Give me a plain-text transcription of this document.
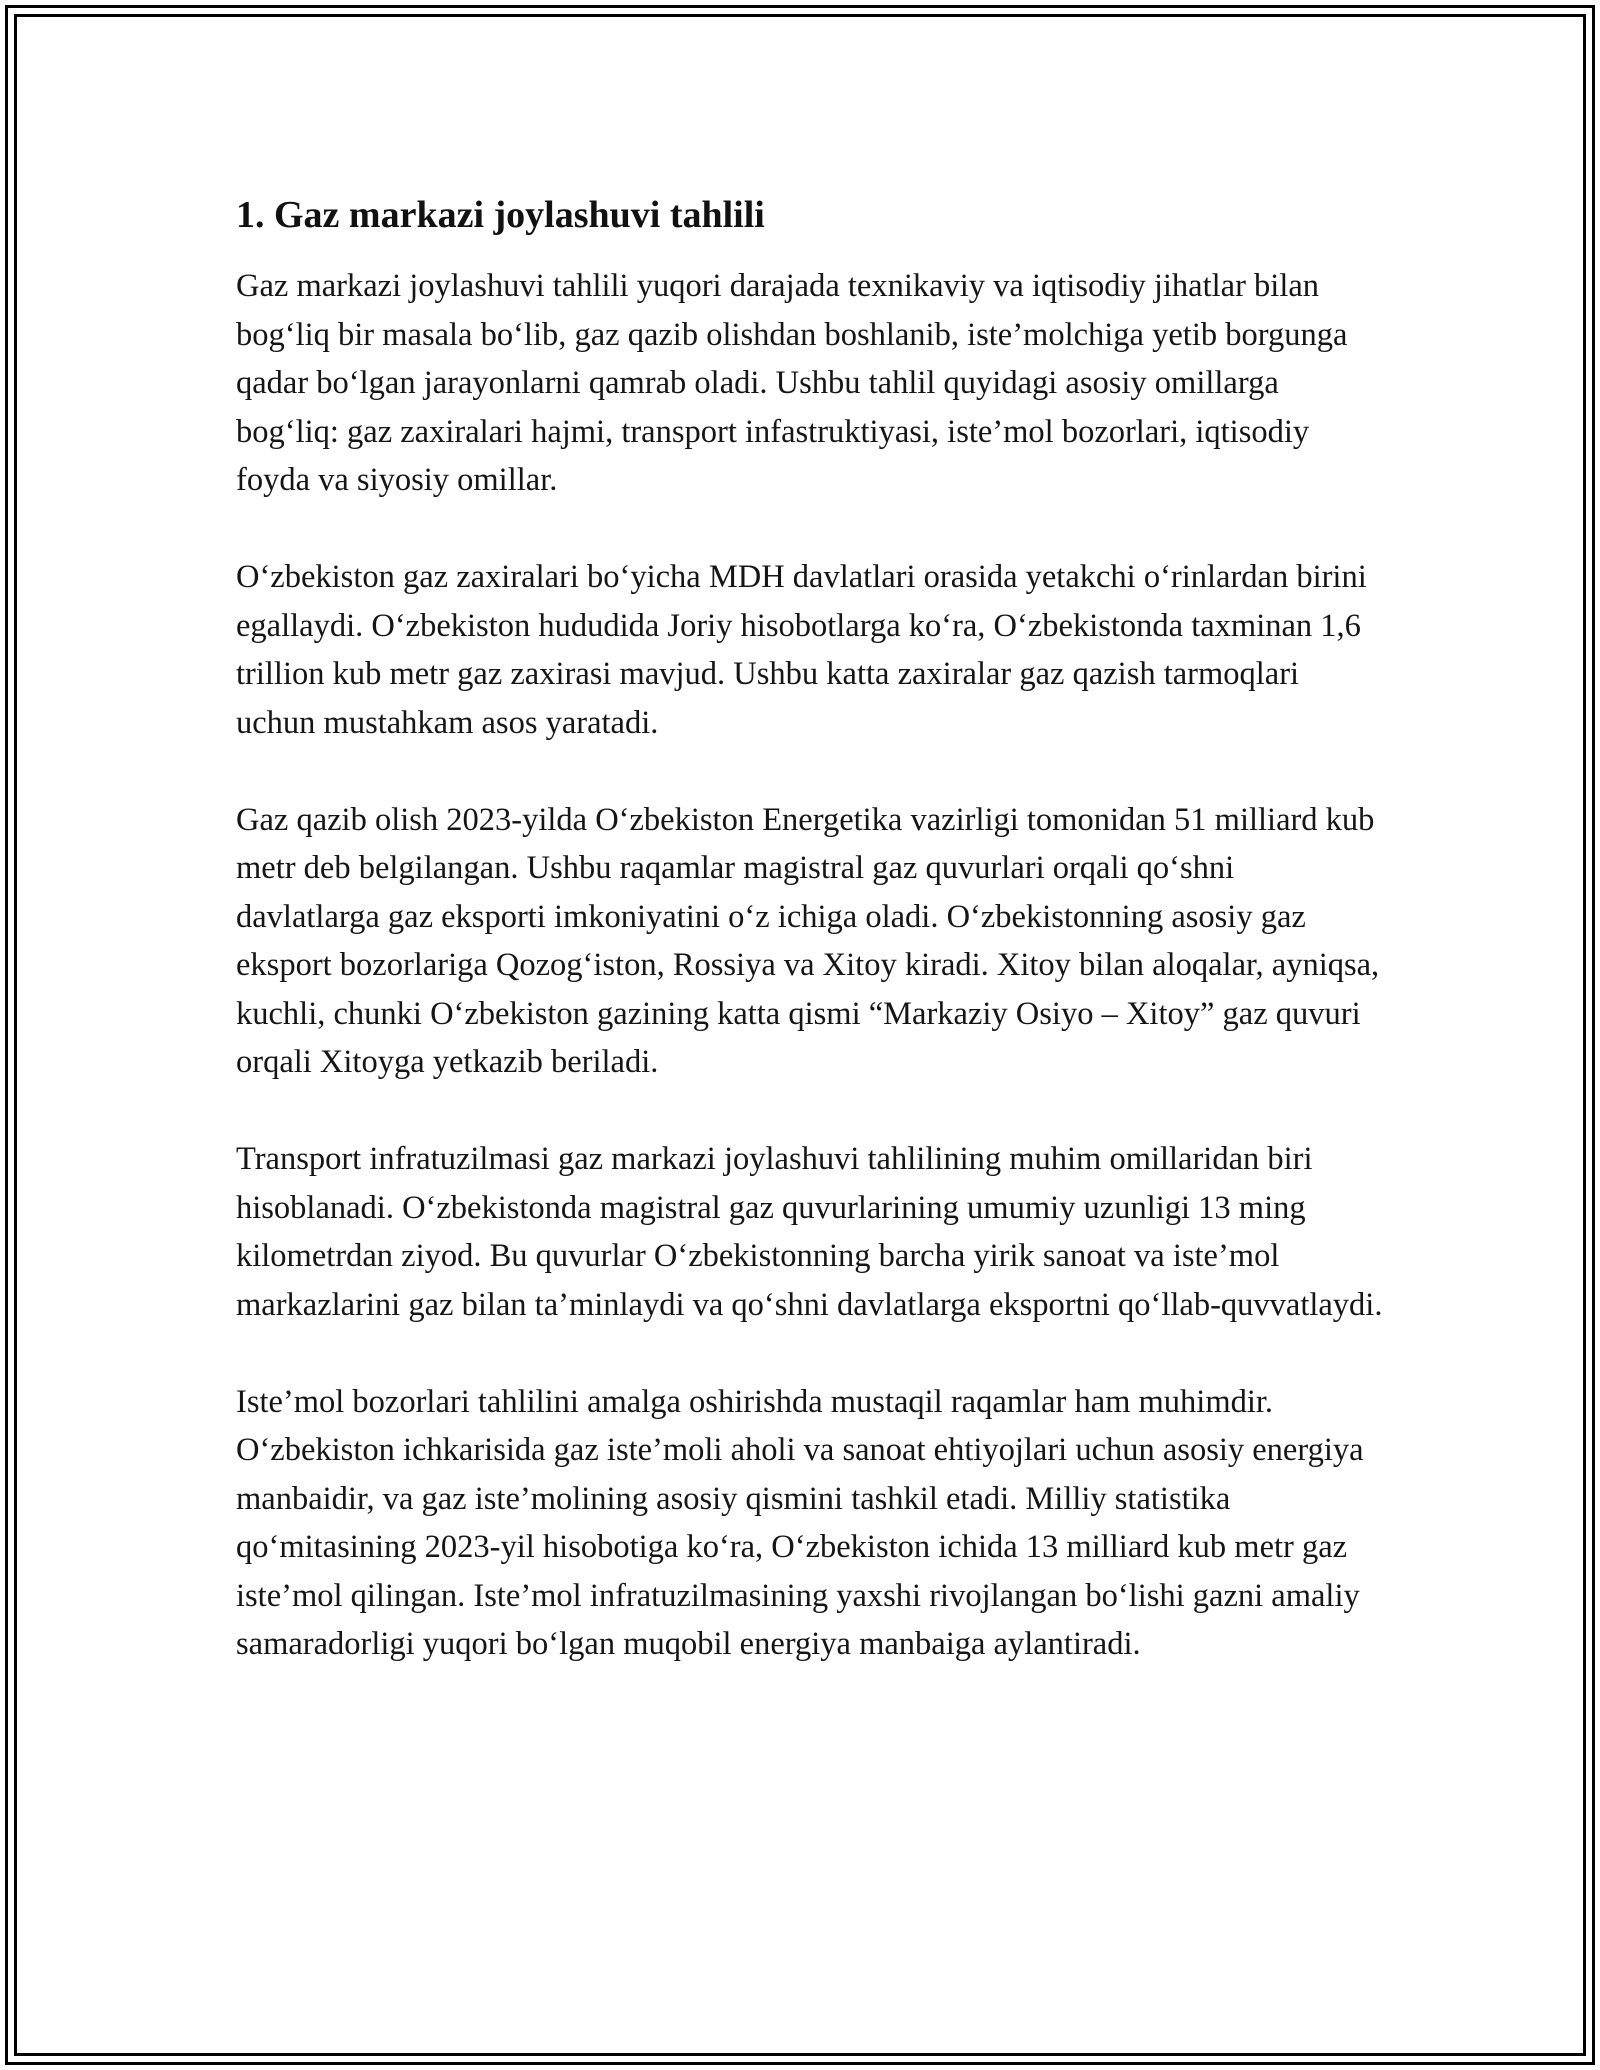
1. Gaz markazi joylashuvi tahlili

Gaz markazi joylashuvi tahlili yuqori darajada texnikaviy va iqtisodiy jihatlar bilan bog‘liq bir masala bo‘lib, gaz qazib olishdan boshlanib, iste’molchiga yetib borgunga qadar bo‘lgan jarayonlarni qamrab oladi. Ushbu tahlil quyidagi asosiy omillarga bog‘liq: gaz zaxiralari hajmi, transport infastruktiyasi, iste’mol bozorlari, iqtisodiy foyda va siyosiy omillar.

O‘zbekiston gaz zaxiralari bo‘yicha MDH davlatlari orasida yetakchi o‘rinlardan birini egallaydi. O‘zbekiston hududida Joriy hisobotlarga ko‘ra, O‘zbekistonda taxminan 1,6 trillion kub metr gaz zaxirasi mavjud. Ushbu katta zaxiralar gaz qazish tarmoqlari uchun mustahkam asos yaratadi.

Gaz qazib olish 2023-yilda O‘zbekiston Energetika vazirligi tomonidan 51 milliard kub metr deb belgilangan. Ushbu raqamlar magistral gaz quvurlari orqali qo‘shni davlatlarga gaz eksporti imkoniyatini o‘z ichiga oladi. O‘zbekistonning asosiy gaz eksport bozorlariga Qozog‘iston, Rossiya va Xitoy kiradi. Xitoy bilan aloqalar, ayniqsa, kuchli, chunki O‘zbekiston gazining katta qismi “Markaziy Osiyo – Xitoy” gaz quvuri orqali Xitoyga yetkazib beriladi.

Transport infratuzilmasi gaz markazi joylashuvi tahlilining muhim omillaridan biri hisoblanadi. O‘zbekistonda magistral gaz quvurlarining umumiy uzunligi 13 ming kilometrdan ziyod. Bu quvurlar O‘zbekistonning barcha yirik sanoat va iste’mol markazlarini gaz bilan ta’minlaydi va qo‘shni davlatlarga eksportni qo‘llab-quvvatlaydi.

Iste’mol bozorlari tahlilini amalga oshirishda mustaqil raqamlar ham muhimdir. O‘zbekiston ichkarisida gaz iste’moli aholi va sanoat ehtiyojlari uchun asosiy energiya manbaidir, va gaz iste’molining asosiy qismini tashkil etadi. Milliy statistika qo‘mitasining 2023-yil hisobotiga ko‘ra, O‘zbekiston ichida 13 milliard kub metr gaz iste’mol qilingan. Iste’mol infratuzilmasining yaxshi rivojlangan bo‘lishi gazni amaliy samaradorligi yuqori bo‘lgan muqobil energiya manbaiga aylantiradi.
